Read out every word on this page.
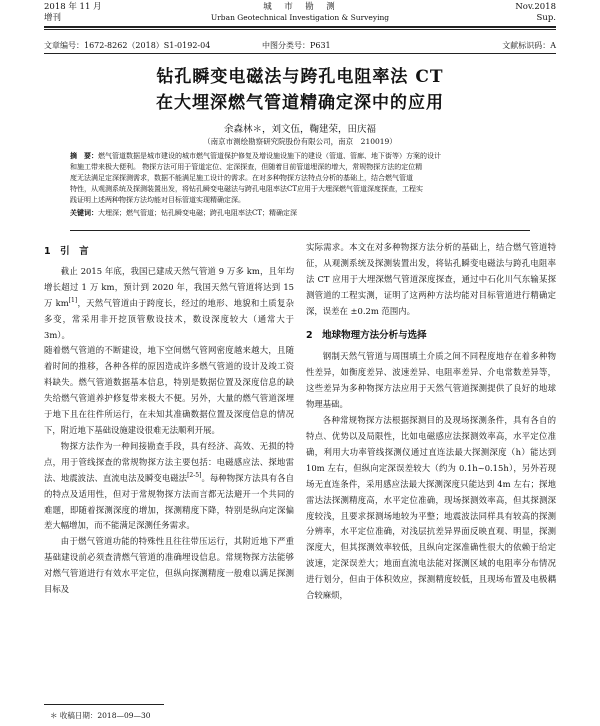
2018 年 11 月
增刊
城　市　勘　测
Urban Geotechnical Investigation & Surveying
Nov.2018
Sup.
文章编号：1672-8262（2018）S1-0192-04	中图分类号：P631	文献标识码：A
钻孔瞬变电磁法与跨孔电阻率法 CT
在大埋深燃气管道精确定深中的应用
余森林＊，刘文伍，鞠建荣，田庆福
（南京市测绘勘察研究院股份有限公司，南京　210019）
摘　要：燃气管道数据是城市建设的城市燃气管道保护修复及增设施设施下的建设（管道、管廊、地下街等）方案的设计
和施工带来极大便利。 物探方法可用于管道定位、定深探查，但随着目前管道埋深的增大，常规物探方法的定位精
度无法满足定深探测需求，数据不能满足施工设计的需求。在对多种物探方法特点分析的基础上，结合燃气管道
特性，从观测系统及探测装置出发，将钻孔瞬变电磁法与跨孔电阻率法CT应用于大埋深燃气管道深度探查，工程实
践证明上述两种物探方法均能对目标管道实现精确定深。
关键词：大埋深；燃气管道；钻孔瞬变电磁；跨孔电阻率法CT；精确定深
1　引　言

截止 2015 年底，我国已建成天然气管道 9 万多 km，且年均增长超过 1 万 km，预计到 2020 年，我国天然气管道将达到 15 万 km[1]，天然气管道由于跨度长，经过的地形、地貌和土质复杂多变，常采用非开挖顶管敷设技术，数设深度较大（通常大于3m）。

随着燃气管道的不断建设，地下空间燃气管网密度越来越大，且随着时间的推移，各种各样的原因造成许多燃气管道的设计及竣工资料缺失。燃气管道数据基本信息，特别是数据位置及深度信息的缺失给燃气管道养护修复带来极大不便。另外，大量的燃气管道深埋于地下且在往件所运行，在未知其准确数据位置及深度信息的情况下，附近地下基础设施建设很难无法顺利开展。

物探方法作为一种间接勘查手段，具有经济、高效、无损的特点，用于管线探查的常规物探方法主要包括：电磁感应法、探地雷法、地震波法、直流电法及瞬变电磁法[2-5]。每种物探方法具有各自的特点及适用性，但对于常规物探方法而言都无法避开一个共同的难题，即随着探测深度的增加，探测精度下降，特别是纵向定深偏差大幅增加，而不能满足深测任务需求。

由于燃气管道功能的特殊性且往往带压运行，其附近地下严重基础建设前必须查清燃气管道的准确埋设信息。常规物探方法能够对燃气管道进行有效水平定位，但纵向探测精度一般难以满足探测目标及

实际需求。本文在对多种物探方法分析的基础上，结合燃气管道特征，从观测系统及探测装置出发，将钻孔瞬变电磁法与跨孔电阻率法 CT 应用于大埋深燃气管道深度探查，通过中石化川气东输某探测管道的工程实测，证明了这两种方法均能对目标管道进行精确定深，误差在 ±0.2m 范围内。

2　地球物理方法分析与选择

钢制天然气管道与周围填土介质之间不同程度地存在着多种物性差异，如衡度差异、波速差异、电阻率差异、介电常数差异等，这些差异为多种物探方法应用于天然气管道探测提供了良好的地球物理基础。

各种常规物探方法根据探测目的及现场探测条件，具有各自的特点、优势以及局限性，比如电磁感应法探测效率高，水平定位准确，利用大功率管线探测仪通过直连法最大探测深度（h）能达到 10m 左右，但纵向定深误差较大（约为 0.1h~0.15h），另外若现场无直连条件，采用感应法最大探测深度只能达到 4m 左右；探地雷达法探测精度高，水平定位准确，现场探测效率高，但其探测深度较浅，且要求探测场地较为平整；地震波法同样具有较高的探测分辨率，水平定位准确，对浅层抗差异界面反映直观、明显，探测深度大，但其探测效率较低，且纵向定深准确性很大的依赖于给定波速，定深误差大；地面直流电法能对探测区域的电阻率分布情况进行划分，但由于体积效应，探测精度较低，且现场布置及电极耦合较麻烦，

＊ 收稿日期：2018—09—30
